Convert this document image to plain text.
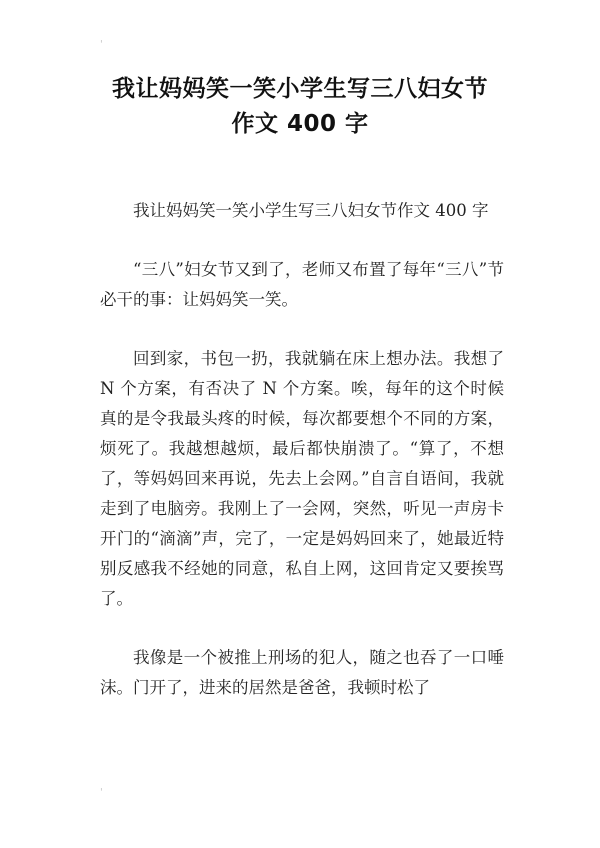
'
我让妈妈笑一笑小学生写三八妇女节
作文 400 字

我让妈妈笑一笑小学生写三八妇女节作文 400 字

“三八”妇女节又到了，老师又布置了每年“三八”节必干的事：让妈妈笑一笑。

回到家，书包一扔，我就躺在床上想办法。我想了 N 个方案，有否决了 N 个方案。唉，每年的这个时候真的是令我最头疼的时候，每次都要想个不同的方案，烦死了。我越想越烦，最后都快崩溃了。“算了，不想了，等妈妈回来再说，先去上会网。”自言自语间，我就走到了电脑旁。我刚上了一会网，突然，听见一声房卡开门的“滴滴”声，完了，一定是妈妈回来了，她最近特别反感我不经她的同意，私自上网，这回肯定又要挨骂了。

我像是一个被推上刑场的犯人，随之也吞了一口唾沫。门开了，进来的居然是爸爸，我顿时松了

'
